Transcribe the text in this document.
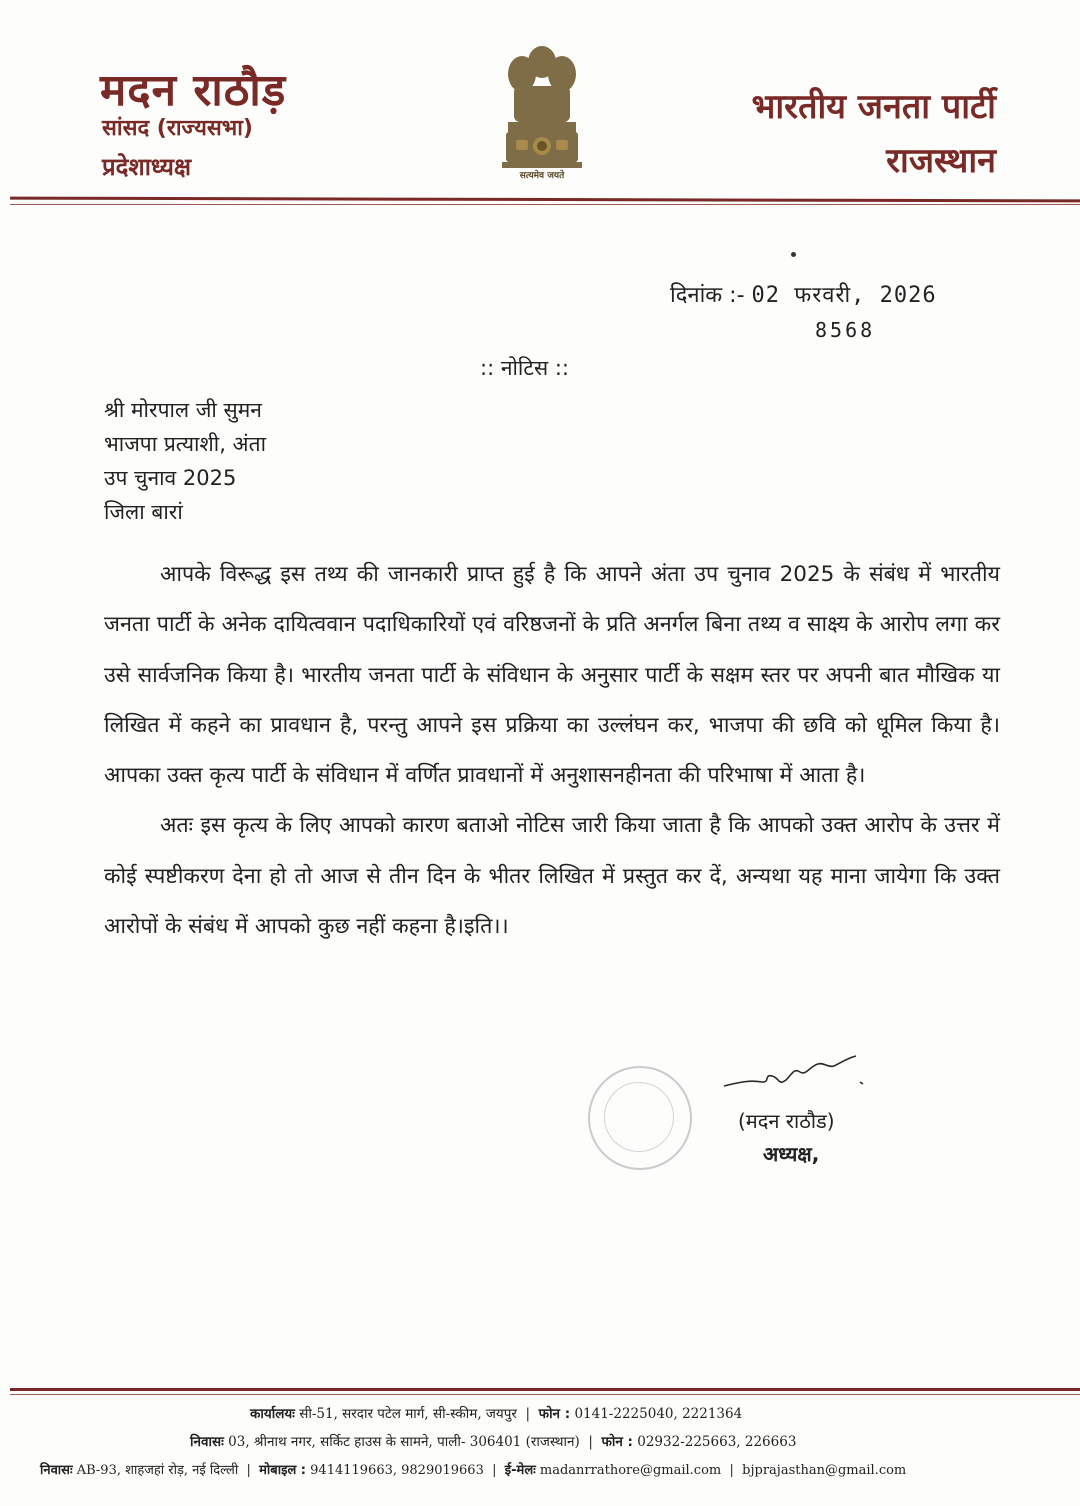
मदन राठौड़
सांसद (राज्यसभा)
प्रदेशाध्यक्ष	सत्यमेव जयते
भारतीय जनता पार्टी
राजस्थान
दिनांक :- 02 फरवरी, 2026
8568
:: नोटिस ::
श्री मोरपाल जी सुमन
भाजपा प्रत्याशी, अंता
उप चुनाव 2025
जिला बारां

आपके विरूद्ध इस तथ्य की जानकारी प्राप्त हुई है कि आपने अंता उप चुनाव 2025 के संबंध में भारतीय जनता पार्टी के अनेक दायित्ववान पदाधिकारियों एवं वरिष्ठजनों के प्रति अनर्गल बिना तथ्य व साक्ष्य के आरोप लगा कर उसे सार्वजनिक किया है। भारतीय जनता पार्टी के संविधान के अनुसार पार्टी के सक्षम स्तर पर अपनी बात मौखिक या लिखित में कहने का प्रावधान है, परन्तु आपने इस प्रक्रिया का उल्लंघन कर, भाजपा की छवि को धूमिल किया है। आपका उक्त कृत्य पार्टी के संविधान में वर्णित प्रावधानों में अनुशासनहीनता की परिभाषा में आता है।

अतः इस कृत्य के लिए आपको कारण बताओ नोटिस जारी किया जाता है कि आपको उक्त आरोप के उत्तर में कोई स्पष्टीकरण देना हो तो आज से तीन दिन के भीतर लिखित में प्रस्तुत कर दें, अन्यथा यह माना जायेगा कि उक्त आरोपों के संबंध में आपको कुछ नहीं कहना है।इति।।

(मदन राठौड)
अध्यक्ष,
कार्यालयः सी-51, सरदार पटेल मार्ग, सी-स्कीम, जयपुर  |  फोन : 0141-2225040, 2221364
निवासः 03, श्रीनाथ नगर, सर्किट हाउस के सामने, पाली- 306401 (राजस्थान)  |  फोन : 02932-225663, 226663
निवासः AB-93, शाहजहां रोड़, नई दिल्ली  |  मोबाइल : 9414119663, 9829019663  |  ई-मेलः madanrrathore@gmail.com  |  bjprajasthan@gmail.com
